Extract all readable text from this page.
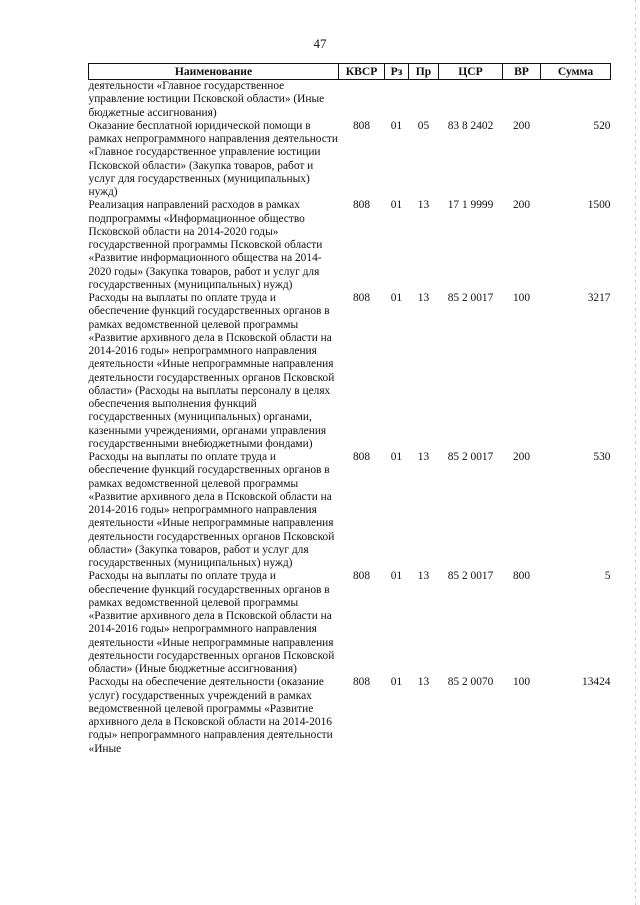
47
Наименование	КВСР	Рз	Пр	ЦСР	ВР	Сумма
деятельности «Главное государственное управление юстиции Псковской области» (Иные бюджетные ассигнования)						
Оказание бесплатной юридической помощи в рамках непрограммного направления деятельности «Главное государственное управление юстиции Псковской области» (Закупка товаров, работ и услуг для государственных (муниципальных) нужд)	808	01	05	83 8 2402	200	520
Реализация направлений расходов в рамках подпрограммы «Информационное общество Псковской области на 2014-2020 годы» государственной программы Псковской области «Развитие информационного общества на 2014-2020 годы» (Закупка товаров, работ и услуг для государственных (муниципальных) нужд)	808	01	13	17 1 9999	200	1500
Расходы на выплаты по оплате труда и обеспечение функций государственных органов в рамках ведомственной целевой программы «Развитие архивного дела в Псковской области на 2014-2016 годы» непрограммного направления деятельности «Иные непрограммные направления деятельности государственных органов Псковской области» (Расходы на выплаты персоналу в целях обеспечения выполнения функций государственных (муниципальных) органами, казенными учреждениями, органами управления государственными внебюджетными фондами)	808	01	13	85 2 0017	100	3217
Расходы на выплаты по оплате труда и обеспечение функций государственных органов в рамках ведомственной целевой программы «Развитие архивного дела в Псковской области на 2014-2016 годы» непрограммного направления деятельности «Иные непрограммные направления деятельности государственных органов Псковской области» (Закупка товаров, работ и услуг для государственных (муниципальных) нужд)	808	01	13	85 2 0017	200	530
Расходы на выплаты по оплате труда и обеспечение функций государственных органов в рамках ведомственной целевой программы «Развитие архивного дела в Псковской области на 2014-2016 годы» непрограммного направления деятельности «Иные непрограммные направления деятельности государственных органов Псковской области» (Иные бюджетные ассигнования)	808	01	13	85 2 0017	800	5
Расходы на обеспечение деятельности (оказание услуг) государственных учреждений в рамках ведомственной целевой программы «Развитие архивного дела в Псковской области на 2014-2016 годы» непрограммного направления деятельности «Иные	808	01	13	85 2 0070	100	13424
